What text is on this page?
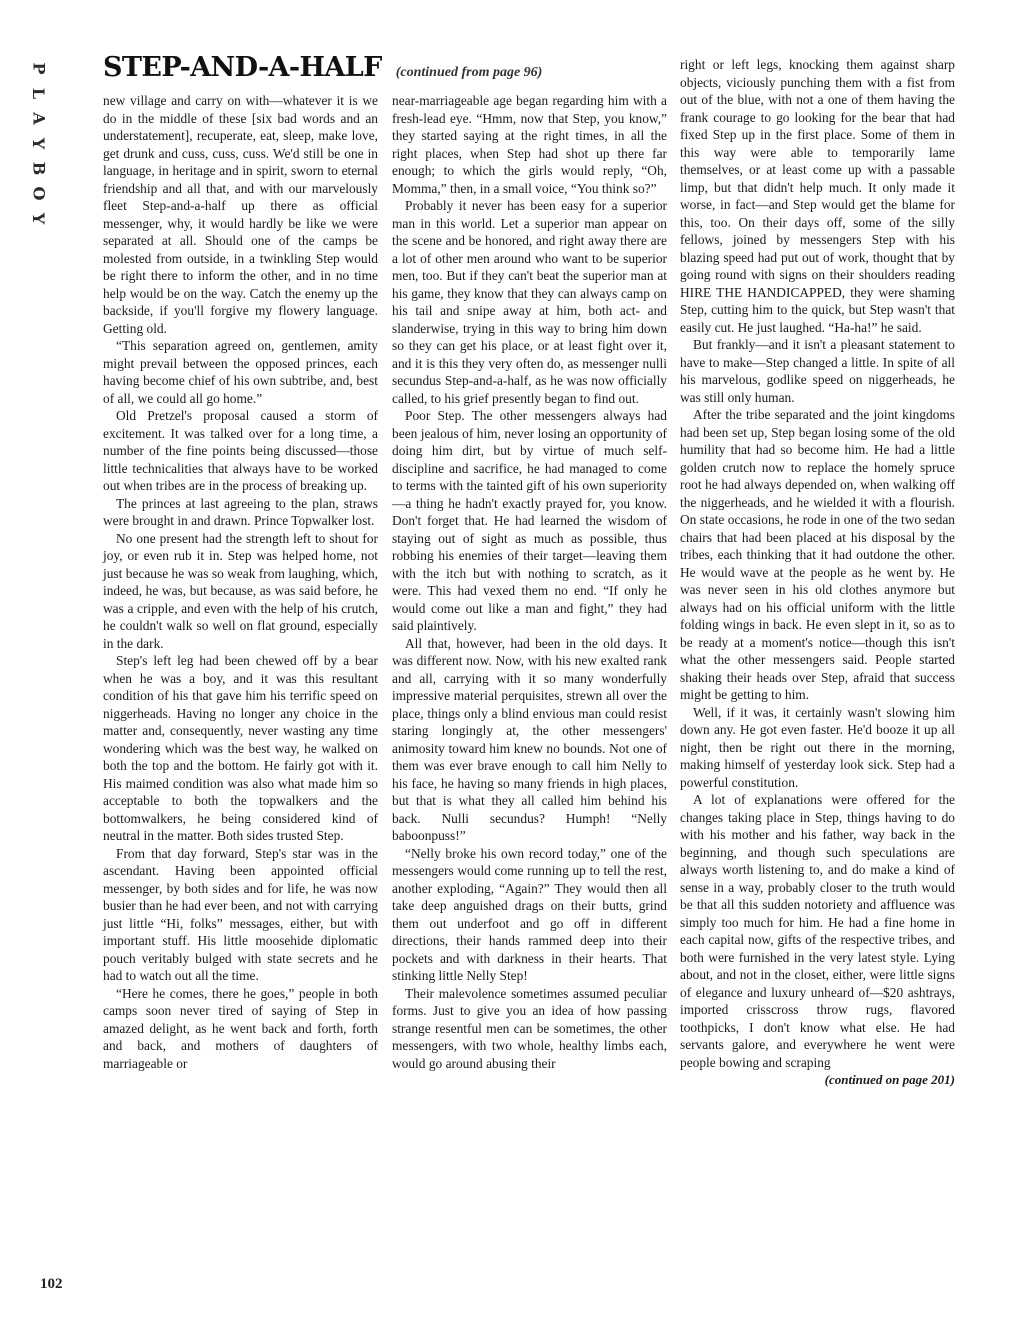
P
L
A
Y
B
O
Y
STEP-AND-A-HALF (continued from page 96)

new village and carry on with—whatever it is we do in the middle of these [six bad words and an understatement], recuperate, eat, sleep, make love, get drunk and cuss, cuss, cuss. We'd still be one in language, in heritage and in spirit, sworn to eternal friendship and all that, and with our marvelously fleet Step-and-a-half up there as official messenger, why, it would hardly be like we were separated at all. Should one of the camps be molested from outside, in a twinkling Step would be right there to inform the other, and in no time help would be on the way. Catch the enemy up the backside, if you'll forgive my flowery language. Getting old.

“This separation agreed on, gentlemen, amity might prevail between the opposed princes, each having become chief of his own subtribe, and, best of all, we could all go home.”

Old Pretzel's proposal caused a storm of excitement. It was talked over for a long time, a number of the fine points being discussed—those little technicalities that always have to be worked out when tribes are in the process of breaking up.

The princes at last agreeing to the plan, straws were brought in and drawn. Prince Topwalker lost.

No one present had the strength left to shout for joy, or even rub it in. Step was helped home, not just because he was so weak from laughing, which, indeed, he was, but because, as was said before, he was a cripple, and even with the help of his crutch, he couldn't walk so well on flat ground, especially in the dark.

Step's left leg had been chewed off by a bear when he was a boy, and it was this resultant condition of his that gave him his terrific speed on niggerheads. Having no longer any choice in the matter and, consequently, never wasting any time wondering which was the best way, he walked on both the top and the bottom. He fairly got with it. His maimed condition was also what made him so acceptable to both the topwalkers and the bottomwalkers, he being considered kind of neutral in the matter. Both sides trusted Step.

From that day forward, Step's star was in the ascendant. Having been appointed official messenger, by both sides and for life, he was now busier than he had ever been, and not with carrying just little “Hi, folks” messages, either, but with important stuff. His little moosehide diplomatic pouch veritably bulged with state secrets and he had to watch out all the time.

“Here he comes, there he goes,” people in both camps soon never tired of saying of Step in amazed delight, as he went back and forth, forth and back, and mothers of daughters of marriageable or

near-marriageable age began regarding him with a fresh-lead eye. “Hmm, now that Step, you know,” they started saying at the right times, in all the right places, when Step had shot up there far enough; to which the girls would reply, “Oh, Momma,” then, in a small voice, “You think so?”

Probably it never has been easy for a superior man in this world. Let a superior man appear on the scene and be honored, and right away there are a lot of other men around who want to be superior men, too. But if they can't beat the superior man at his game, they know that they can always camp on his tail and snipe away at him, both act- and slanderwise, trying in this way to bring him down so they can get his place, or at least fight over it, and it is this they very often do, as messenger nulli secundus Step-and-a-half, as he was now officially called, to his grief presently began to find out.

Poor Step. The other messengers always had been jealous of him, never losing an opportunity of doing him dirt, but by virtue of much self-discipline and sacrifice, he had managed to come to terms with the tainted gift of his own superiority—a thing he hadn't exactly prayed for, you know. Don't forget that. He had learned the wisdom of staying out of sight as much as possible, thus robbing his enemies of their target—leaving them with the itch but with nothing to scratch, as it were. This had vexed them no end. “If only he would come out like a man and fight,” they had said plaintively.

All that, however, had been in the old days. It was different now. Now, with his new exalted rank and all, carrying with it so many wonderfully impressive material perquisites, strewn all over the place, things only a blind envious man could resist staring longingly at, the other messengers' animosity toward him knew no bounds. Not one of them was ever brave enough to call him Nelly to his face, he having so many friends in high places, but that is what they all called him behind his back. Nulli secundus? Humph! “Nelly baboonpuss!”

“Nelly broke his own record today,” one of the messengers would come running up to tell the rest, another exploding, “Again?” They would then all take deep anguished drags on their butts, grind them out underfoot and go off in different directions, their hands rammed deep into their pockets and with darkness in their hearts. That stinking little Nelly Step!

Their malevolence sometimes assumed peculiar forms. Just to give you an idea of how passing strange resentful men can be sometimes, the other messengers, with two whole, healthy limbs each, would go around abusing their

right or left legs, knocking them against sharp objects, viciously punching them with a fist from out of the blue, with not a one of them having the frank courage to go looking for the bear that had fixed Step up in the first place. Some of them in this way were able to temporarily lame themselves, or at least come up with a passable limp, but that didn't help much. It only made it worse, in fact—and Step would get the blame for this, too. On their days off, some of the silly fellows, joined by messengers Step with his blazing speed had put out of work, thought that by going round with signs on their shoulders reading HIRE THE HANDICAPPED, they were shaming Step, cutting him to the quick, but Step wasn't that easily cut. He just laughed. “Ha-ha!” he said.

But frankly—and it isn't a pleasant statement to have to make—Step changed a little. In spite of all his marvelous, godlike speed on niggerheads, he was still only human.

After the tribe separated and the joint kingdoms had been set up, Step began losing some of the old humility that had so become him. He had a little golden crutch now to replace the homely spruce root he had always depended on, when walking off the niggerheads, and he wielded it with a flourish. On state occasions, he rode in one of the two sedan chairs that had been placed at his disposal by the tribes, each thinking that it had outdone the other. He would wave at the people as he went by. He was never seen in his old clothes anymore but always had on his official uniform with the little folding wings in back. He even slept in it, so as to be ready at a moment's notice—though this isn't what the other messengers said. People started shaking their heads over Step, afraid that success might be getting to him.

Well, if it was, it certainly wasn't slowing him down any. He got even faster. He'd booze it up all night, then be right out there in the morning, making himself of yesterday look sick. Step had a powerful constitution.

A lot of explanations were offered for the changes taking place in Step, things having to do with his mother and his father, way back in the beginning, and though such speculations are always worth listening to, and do make a kind of sense in a way, probably closer to the truth would be that all this sudden notoriety and affluence was simply too much for him. He had a fine home in each capital now, gifts of the respective tribes, and both were furnished in the very latest style. Lying about, and not in the closet, either, were little signs of elegance and luxury unheard of—$20 ashtrays, imported crisscross throw rugs, flavored toothpicks, I don't know what else. He had servants galore, and everywhere he went were people bowing and scraping

(continued on page 201)
102
